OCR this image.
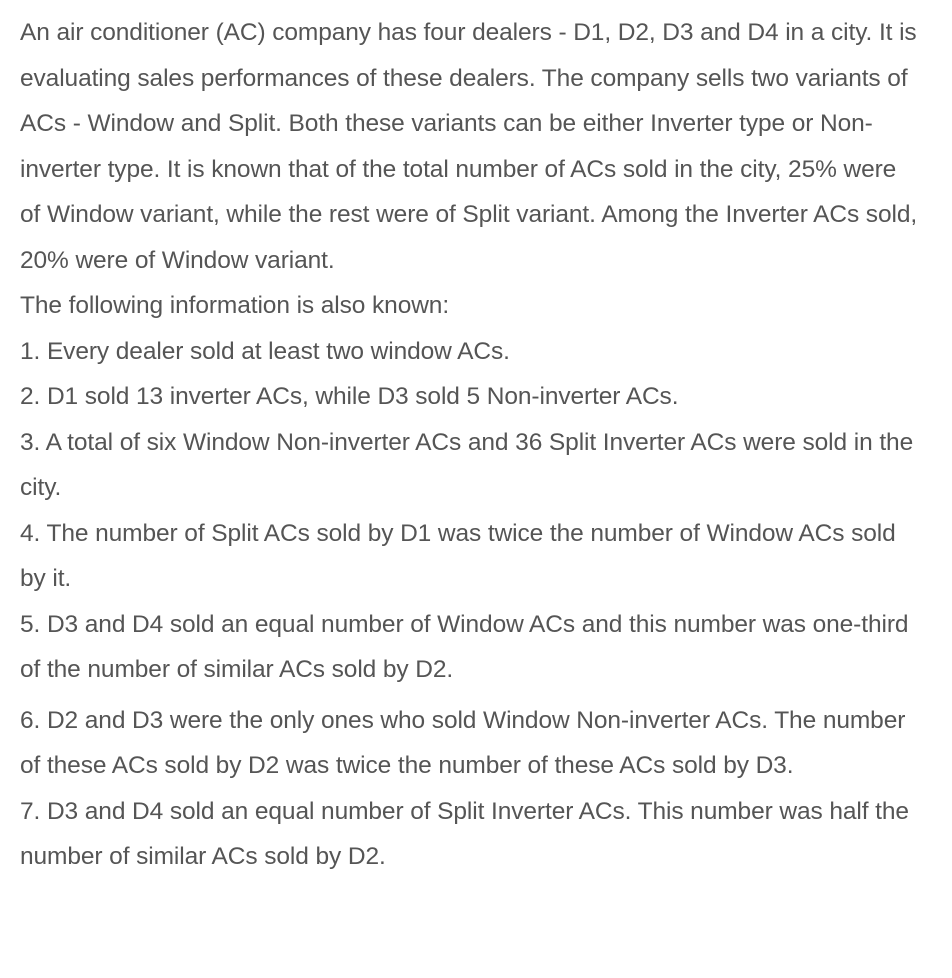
An air conditioner (AC) company has four dealers - D1, D2, D3 and D4 in a city. It is evaluating sales performances of these dealers. The company sells two variants of ACs - Window and Split. Both these variants can be either Inverter type or Non-inverter type. It is known that of the total number of ACs sold in the city, 25% were of Window variant, while the rest were of Split variant. Among the Inverter ACs sold, 20% were of Window variant.

The following information is also known:

1. Every dealer sold at least two window ACs.

2. D1 sold 13 inverter ACs, while D3 sold 5 Non-inverter ACs.

3. A total of six Window Non-inverter ACs and 36 Split Inverter ACs were sold in the city.

4. The number of Split ACs sold by D1 was twice the number of Window ACs sold by it.

5. D3 and D4 sold an equal number of Window ACs and this number was one-third of the number of similar ACs sold by D2.

6. D2 and D3 were the only ones who sold Window Non-inverter ACs. The number of these ACs sold by D2 was twice the number of these ACs sold by D3.

7. D3 and D4 sold an equal number of Split Inverter ACs. This number was half the number of similar ACs sold by D2.
